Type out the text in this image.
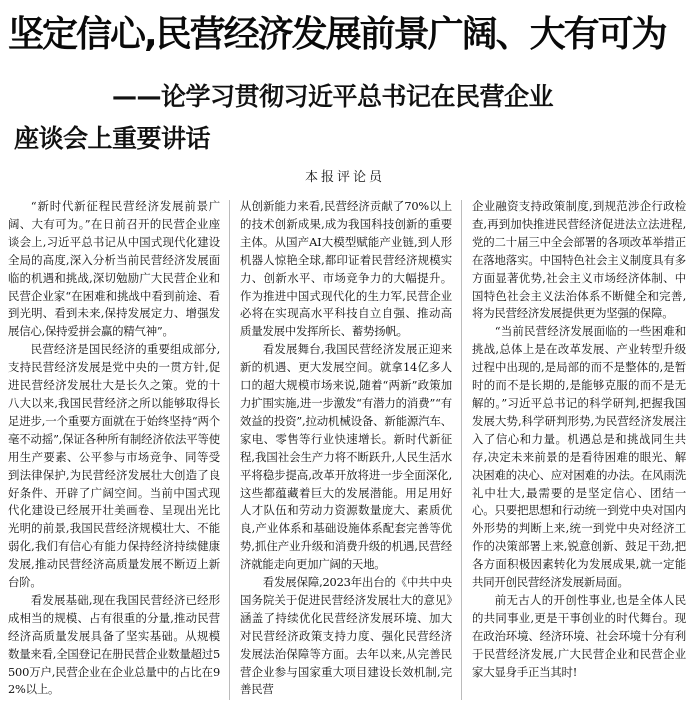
坚定信心,民营经济发展前景广阔、大有可为
——论学习贯彻习近平总书记在民营企业
座谈会上重要讲话
本报评论员

“新时代新征程民营经济发展前景广阔、大有可为。”在日前召开的民营企业座谈会上,习近平总书记从中国式现代化建设全局的高度,深入分析当前民营经济发展面临的机遇和挑战,深切勉励广大民营企业和民营企业家“在困难和挑战中看到前途、看到光明、看到未来,保持发展定力、增强发展信心,保持爱拼会赢的精气神”。

民营经济是国民经济的重要组成部分,支持民营经济发展是党中央的一贯方针,促进民营经济发展壮大是长久之策。党的十八大以来,我国民营经济之所以能够取得长足进步,一个重要方面就在于始终坚持“两个毫不动摇”,保证各种所有制经济依法平等使用生产要素、公平参与市场竞争、同等受到法律保护,为民营经济发展壮大创造了良好条件、开辟了广阔空间。当前中国式现代化建设已经展开壮美画卷、呈现出光比光明的前景,我国民营经济规模壮大、不能弱化,我们有信心有能力保持经济持续健康发展,推动民营经济高质量发展不断迈上新台阶。

看发展基础,现在我国民营经济已经形成相当的规模、占有很重的分量,推动民营经济高质量发展具备了坚实基础。从规模数量来看,全国登记在册民营企业数量超过5500万户,民营企业在企业总量中的占比在92%以上。

从创新能力来看,民营经济贡献了70%以上的技术创新成果,成为我国科技创新的重要主体。从国产AI大模型赋能产业链,到人形机器人惊艳全球,都印证着民营经济规模实力、创新水平、市场竞争力的大幅提升。作为推进中国式现代化的生力军,民营企业必将在实现高水平科技自立自强、推动高质量发展中发挥所长、蓄势扬帆。

看发展舞台,我国民营经济发展正迎来新的机遇、更大发展空间。就拿14亿多人口的超大规模市场来说,随着“两新”政策加力扩围实施,进一步激发“有潜力的消费”“有效益的投资”,拉动机械设备、新能源汽车、家电、零售等行业快速增长。新时代新征程,我国社会生产力将不断跃升,人民生活水平将稳步提高,改革开放将进一步全面深化,这些都蕴藏着巨大的发展潜能。用足用好人才队伍和劳动力资源数量庞大、素质优良,产业体系和基础设施体系配套完善等优势,抓住产业升级和消费升级的机遇,民营经济就能走向更加广阔的天地。

看发展保障,2023年出台的《中共中央国务院关于促进民营经济发展壮大的意见》涵盖了持续优化民营经济发展环境、加大对民营经济政策支持力度、强化民营经济发展法治保障等方面。去年以来,从完善民营企业参与国家重大项目建设长效机制,完善民营

企业融资支持政策制度,到规范涉企行政检查,再到加快推进民营经济促进法立法进程,党的二十届三中全会部署的各项改革举措正在落地落实。中国特色社会主义制度具有多方面显著优势,社会主义市场经济体制、中国特色社会主义法治体系不断健全和完善,将为民营经济发展提供更为坚强的保障。

“当前民营经济发展面临的一些困难和挑战,总体上是在改革发展、产业转型升级过程中出现的,是局部的而不是整体的,是暂时的而不是长期的,是能够克服的而不是无解的。”习近平总书记的科学研判,把握我国发展大势,科学研判形势,为民营经济发展注入了信心和力量。机遇总是和挑战同生共存,决定未来前景的是看待困难的眼光、解决困难的决心、应对困难的办法。在风雨洗礼中壮大,最需要的是坚定信心、团结一心。只要把思想和行动统一到党中央对国内外形势的判断上来,统一到党中央对经济工作的决策部署上来,锐意创新、鼓足干劲,把各方面积极因素转化为发展成果,就一定能共同开创民营经济发展新局面。

前无古人的开创性事业,也是全体人民的共同事业,更是干事创业的时代舞台。现在政治环境、经济环境、社会环境十分有利于民营经济发展,广大民营企业和民营企业家大显身手正当其时!
